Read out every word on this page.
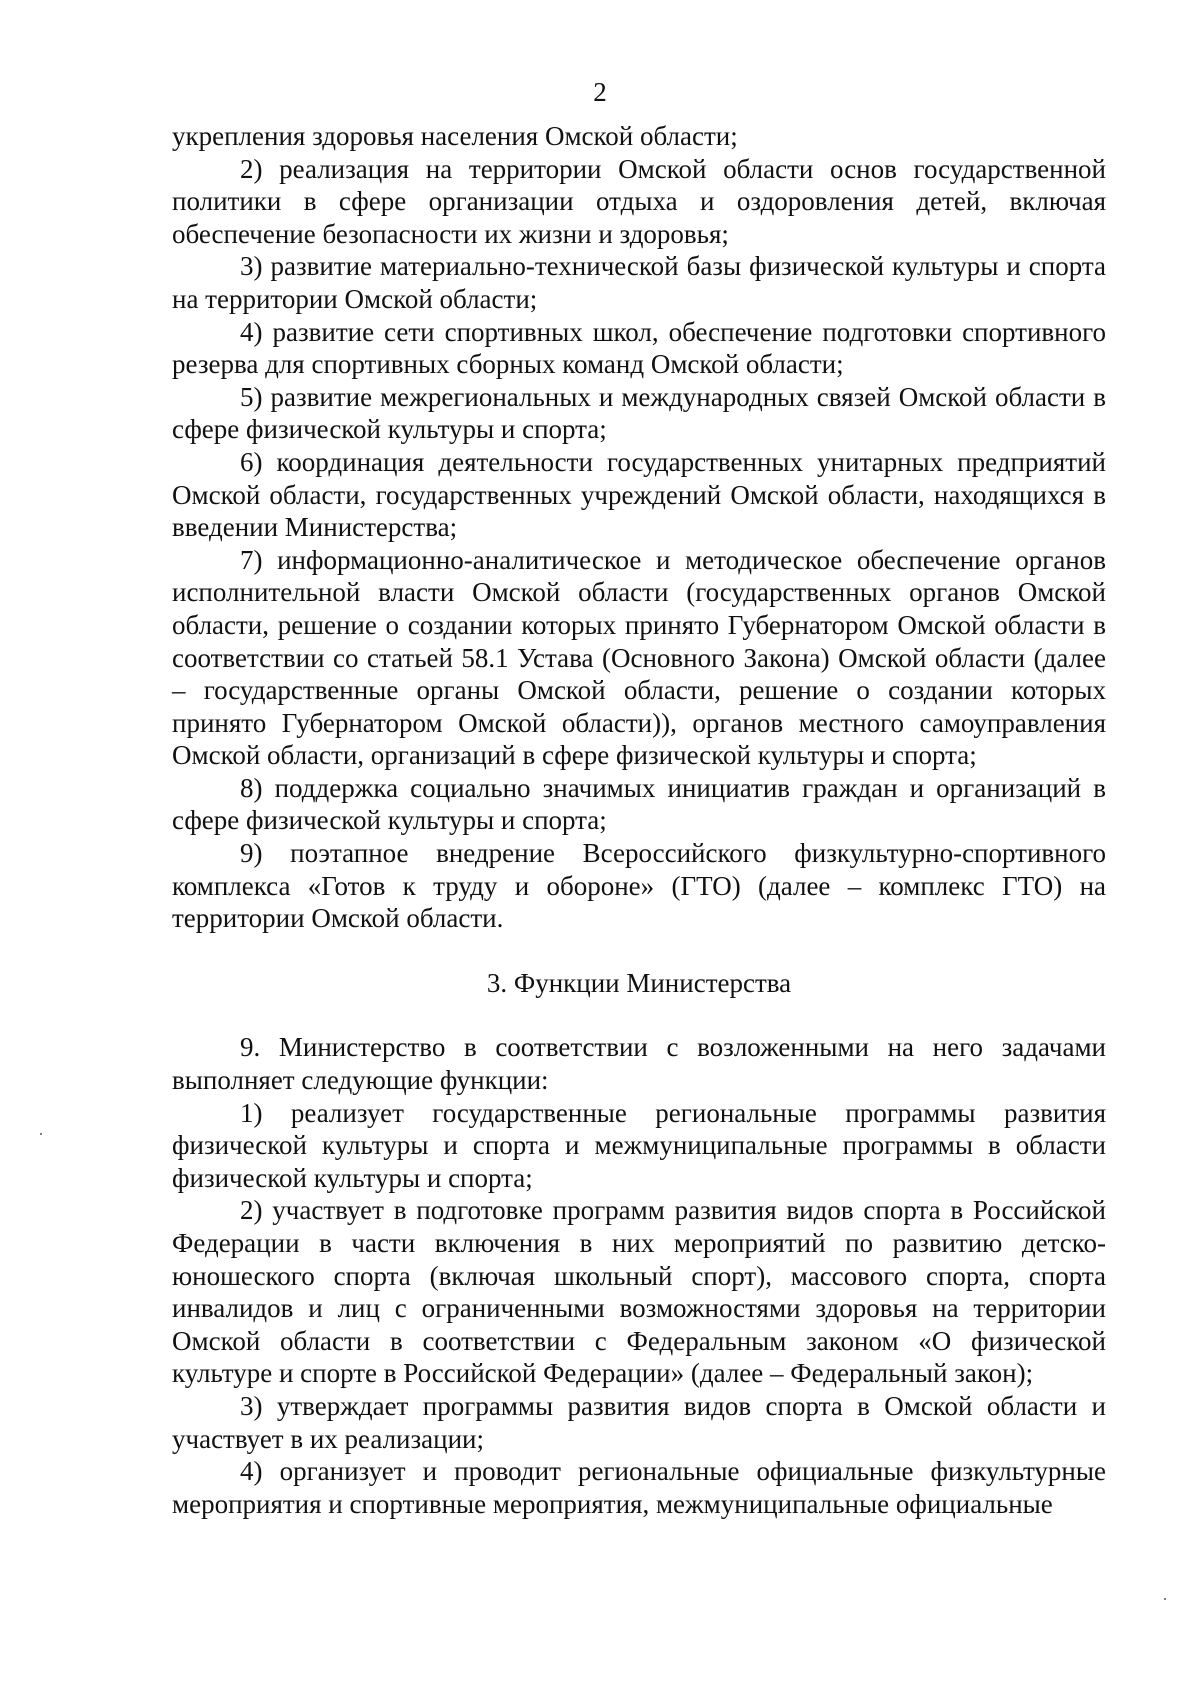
2

укрепления здоровья населения Омской области;

2) реализация на территории Омской области основ государственной политики в сфере организации отдыха и оздоровления детей, включая обеспечение безопасности их жизни и здоровья;

3) развитие материально-технической базы физической культуры и спорта на территории Омской области;

4) развитие сети спортивных школ, обеспечение подготовки спортивного резерва для спортивных сборных команд Омской области;

5) развитие межрегиональных и международных связей Омской области в сфере физической культуры и спорта;

6) координация деятельности государственных унитарных предприятий Омской области, государственных учреждений Омской области, находящихся в введении Министерства;

7) информационно-аналитическое и методическое обеспечение органов исполнительной власти Омской области (государственных органов Омской области, решение о создании которых принято Губернатором Омской области в соответствии со статьей 58.1 Устава (Основного Закона) Омской области (далее – государственные органы Омской области, решение о создании которых принято Губернатором Омской области)), органов местного самоуправления Омской области, организаций в сфере физической культуры и спорта;

8) поддержка социально значимых инициатив граждан и организаций в сфере физической культуры и спорта;

9) поэтапное внедрение Всероссийского физкультурно-спортивного комплекса «Готов к труду и обороне» (ГТО) (далее – комплекс ГТО) на территории Омской области.

3. Функции Министерства

9. Министерство в соответствии с возложенными на него задачами выполняет следующие функции:

1) реализует государственные региональные программы развития физической культуры и спорта и межмуниципальные программы в области физической культуры и спорта;

2) участвует в подготовке программ развития видов спорта в Российской Федерации в части включения в них мероприятий по развитию детско-юношеского спорта (включая школьный спорт), массового спорта, спорта инвалидов и лиц с ограниченными возможностями здоровья на территории Омской области в соответствии с Федеральным законом «О физической культуре и спорте в Российской Федерации» (далее – Федеральный закон);

3) утверждает программы развития видов спорта в Омской области и участвует в их реализации;

4) организует и проводит региональные официальные физкультурные мероприятия и спортивные мероприятия, межмуниципальные официальные
